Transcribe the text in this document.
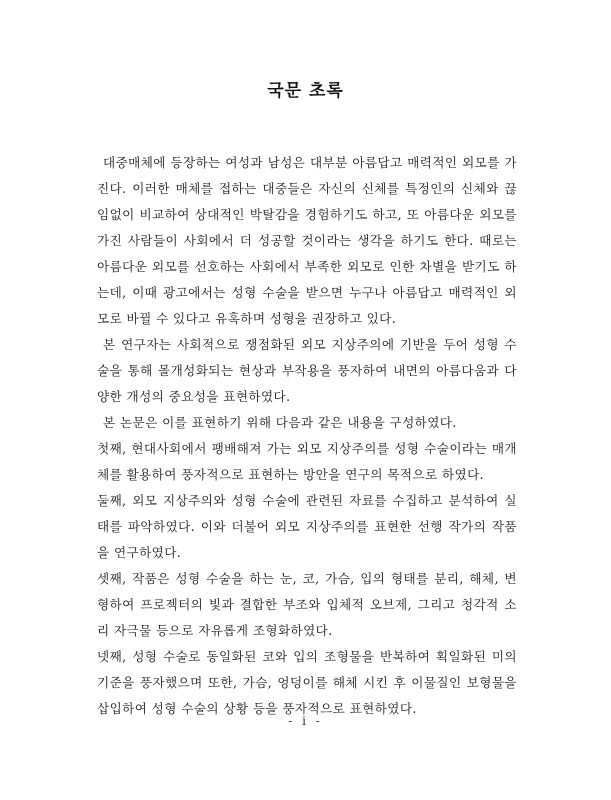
국문 초록
대중매체에 등장하는 여성과 남성은 대부분 아름답고 매력적인 외모를 가
진다. 이러한 매체를 접하는 대중들은 자신의 신체를 특정인의 신체와 끊
임없이 비교하여 상대적인 박탈감을 경험하기도 하고, 또 아름다운 외모를
가진 사람들이 사회에서 더 성공할 것이라는 생각을 하기도 한다. 때로는
아름다운 외모를 선호하는 사회에서 부족한 외모로 인한 차별을 받기도 하
는데, 이때 광고에서는 성형 수술을 받으면 누구나 아름답고 매력적인 외
모로 바뀔 수 있다고 유혹하며 성형을 권장하고 있다.
본 연구자는 사회적으로 쟁점화된 외모 지상주의에 기반을 두어 성형 수
술을 통해 몰개성화되는 현상과 부작용을 풍자하여 내면의 아름다움과 다
양한 개성의 중요성을 표현하였다.
본 논문은 이를 표현하기 위해 다음과 같은 내용을 구성하였다.
첫째, 현대사회에서 팽배해져 가는 외모 지상주의를 성형 수술이라는 매개
체를 활용하여 풍자적으로 표현하는 방안을 연구의 목적으로 하였다.
둘째, 외모 지상주의와 성형 수술에 관련된 자료를 수집하고 분석하여 실
태를 파악하였다. 이와 더불어 외모 지상주의를 표현한 선행 작가의 작품
을 연구하였다.
셋째, 작품은 성형 수술을 하는 눈, 코, 가슴, 입의 형태를 분리, 해체, 변
형하여 프로젝터의 빛과 결합한 부조와 입체적 오브제, 그리고 청각적 소
리 자극물 등으로 자유롭게 조형화하였다.
넷째, 성형 수술로 동일화된 코와 입의 조형물을 반복하여 획일화된 미의
기준을 풍자했으며 또한, 가슴, 엉덩이를 해체 시킨 후 이물질인 보형물을
삽입하여 성형 수술의 상황 등을 풍자적으로 표현하였다.
- i -
